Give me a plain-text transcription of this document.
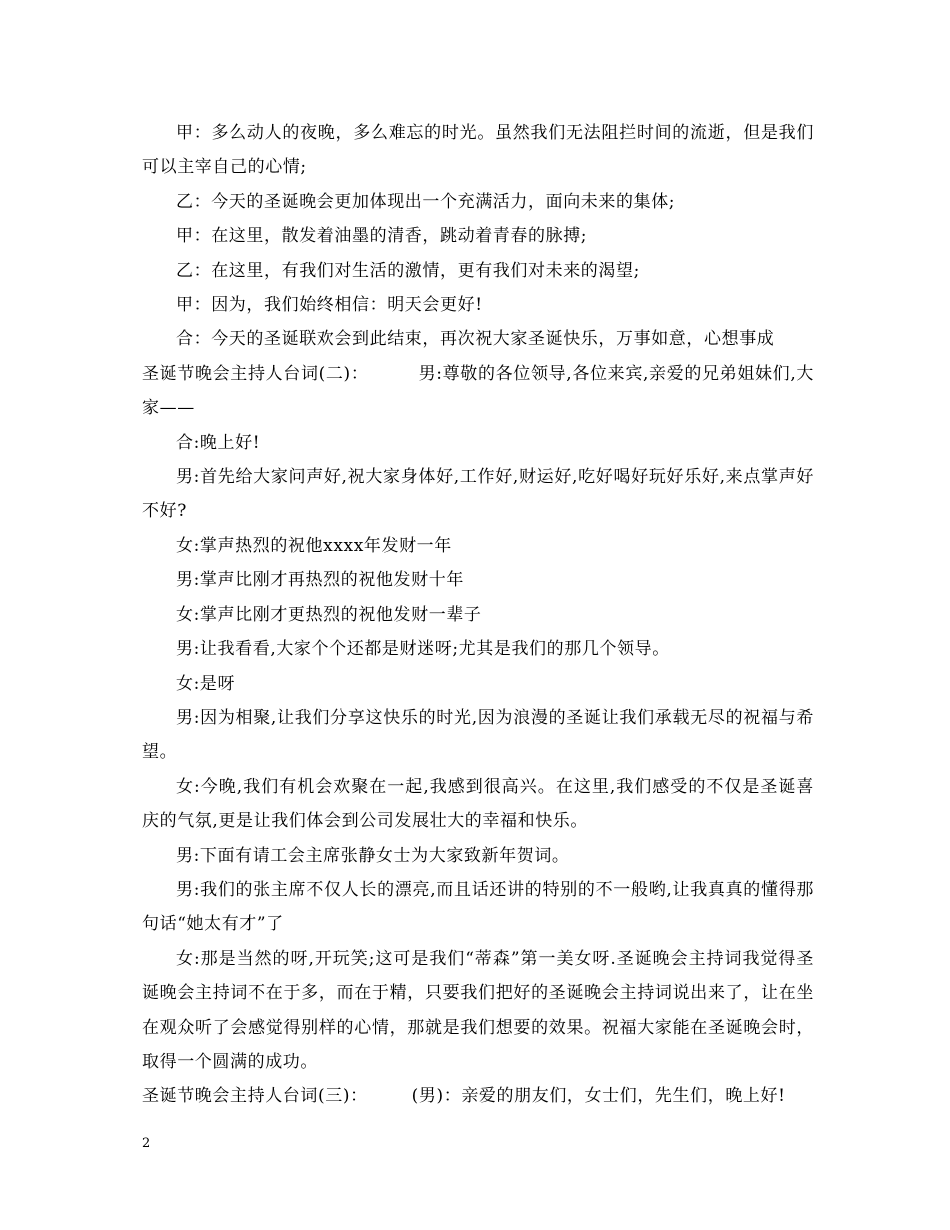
甲：多么动人的夜晚，多么难忘的时光。虽然我们无法阻拦时间的流逝，但是我们可以主宰自己的心情;

乙：今天的圣诞晚会更加体现出一个充满活力，面向未来的集体;

甲：在这里，散发着油墨的清香，跳动着青春的脉搏;

乙：在这里，有我们对生活的激情，更有我们对未来的渴望;

甲：因为，我们始终相信：明天会更好!

合：今天的圣诞联欢会到此结束，再次祝大家圣诞快乐，万事如意，心想事成

圣诞节晚会主持人台词(二)：	男:尊敬的各位领导,各位来宾,亲爱的兄弟姐妹们,大家——

合:晚上好!

男:首先给大家问声好,祝大家身体好,工作好,财运好,吃好喝好玩好乐好,来点掌声好不好?

女:掌声热烈的祝他xxxx年发财一年

男:掌声比刚才再热烈的祝他发财十年

女:掌声比刚才更热烈的祝他发财一辈子

男:让我看看,大家个个还都是财迷呀;尤其是我们的那几个领导。

女:是呀

男:因为相聚,让我们分享这快乐的时光,因为浪漫的圣诞让我们承载无尽的祝福与希望。

女:今晚,我们有机会欢聚在一起,我感到很高兴。在这里,我们感受的不仅是圣诞喜庆的气氛,更是让我们体会到公司发展壮大的幸福和快乐。

男:下面有请工会主席张静女士为大家致新年贺词。

男:我们的张主席不仅人长的漂亮,而且话还讲的特别的不一般哟,让我真真的懂得那句话“她太有才”了

女:那是当然的呀,开玩笑;这可是我们“蒂森”第一美女呀.圣诞晚会主持词我觉得圣诞晚会主持词不在于多，而在于精，只要我们把好的圣诞晚会主持词说出来了，让在坐在观众听了会感觉得别样的心情，那就是我们想要的效果。祝福大家能在圣诞晚会时，取得一个圆满的成功。

圣诞节晚会主持人台词(三)：	(男)：亲爱的朋友们，女士们，先生们，晚上好!

2
